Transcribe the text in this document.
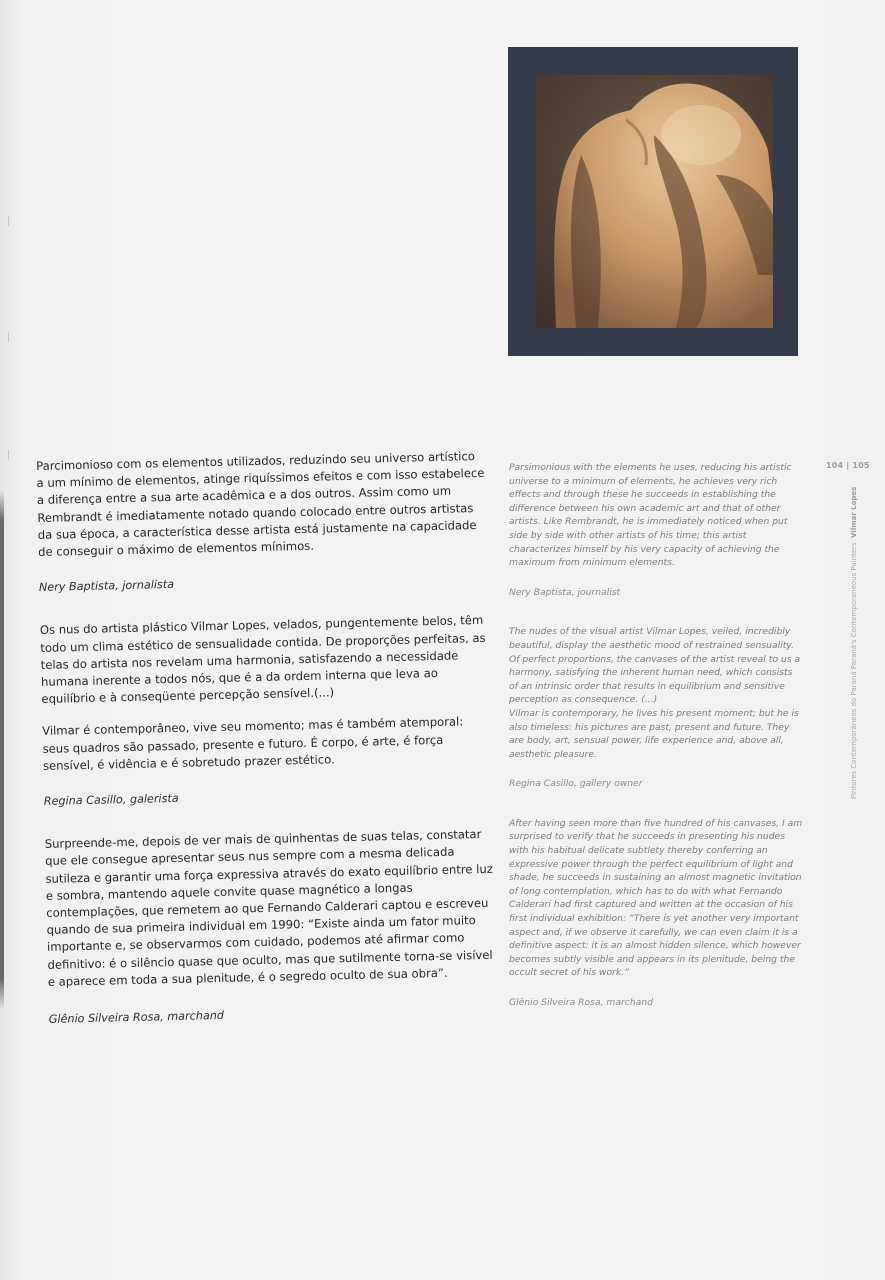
104 | 105
Pintores Contemporâneos do Paraná Paraná's Contemporaneous Painters  Vilmar Lopes

Parcimonioso com os elementos utilizados, reduzindo seu universo artístico a um mínimo de elementos, atinge riquíssimos efeitos e com isso estabelece a diferença entre a sua arte acadêmica e a dos outros. Assim como um Rembrandt é imediatamente notado quando colocado entre outros artistas da sua época, a característica desse artista está justamente na capacidade de conseguir o máximo de elementos mínimos.

Nery Baptista, jornalista

Os nus do artista plástico Vilmar Lopes, velados, pungentemente belos, têm todo um clima estético de sensualidade contida. De proporções perfeitas, as telas do artista nos revelam uma harmonia, satisfazendo a necessidade humana inerente a todos nós, que é a da ordem interna que leva ao equilíbrio e à conseqüente percepção sensível.(...)

Vilmar é contemporâneo, vive seu momento; mas é também atemporal: seus quadros são passado, presente e futuro. É corpo, é arte, é força sensível, é vidência e é sobretudo prazer estético.

Regina Casillo, galerista

Surpreende-me, depois de ver mais de quinhentas de suas telas, constatar que ele consegue apresentar seus nus sempre com a mesma delicada sutileza e garantir uma força expressiva através do exato equilíbrio entre luz e sombra, mantendo aquele convite quase magnético a longas contemplações, que remetem ao que Fernando Calderari captou e escreveu quando de sua primeira individual em 1990: “Existe ainda um fator muito importante e, se observarmos com cuidado, podemos até afirmar como definitivo: é o silêncio quase que oculto, mas que sutilmente torna-se visível e aparece em toda a sua plenitude, é o segredo oculto de sua obra”.

Glênio Silveira Rosa, marchand

Parsimonious with the elements he uses, reducing his artistic universe to a minimum of elements, he achieves very rich effects and through these he succeeds in establishing the difference between his own academic art and that of other artists. Like Rembrandt, he is immediately noticed when put side by side with other artists of his time; this artist characterizes himself by his very capacity of achieving the maximum from minimum elements.

Nery Baptista, journalist

The nudes of the visual artist Vilmar Lopes, veiled, incredibly beautiful, display the aesthetic mood of restrained sensuality. Of perfect proportions, the canvases of the artist reveal to us a harmony, satisfying the inherent human need, which consists of an intrinsic order that results in equilibrium and sensitive perception as consequence. (...)

Vilmar is contemporary, he lives his present moment; but he is also timeless: his pictures are past, present and future. They are body, art, sensual power, life experience and, above all, aesthetic pleasure.

Regina Casillo, gallery owner

After having seen more than five hundred of his canvases, I am surprised to verify that he succeeds in presenting his nudes with his habitual delicate subtlety thereby conferring an expressive power through the perfect equilibrium of light and shade, he succeeds in sustaining an almost magnetic invitation of long contemplation, which has to do with what Fernando Calderari had first captured and written at the occasion of his first individual exhibition: “There is yet another very important aspect and, if we observe it carefully, we can even claim it is a definitive aspect: it is an almost hidden silence, which however becomes subtly visible and appears in its plenitude, being the occult secret of his work.”

Glênio Silveira Rosa, marchand
